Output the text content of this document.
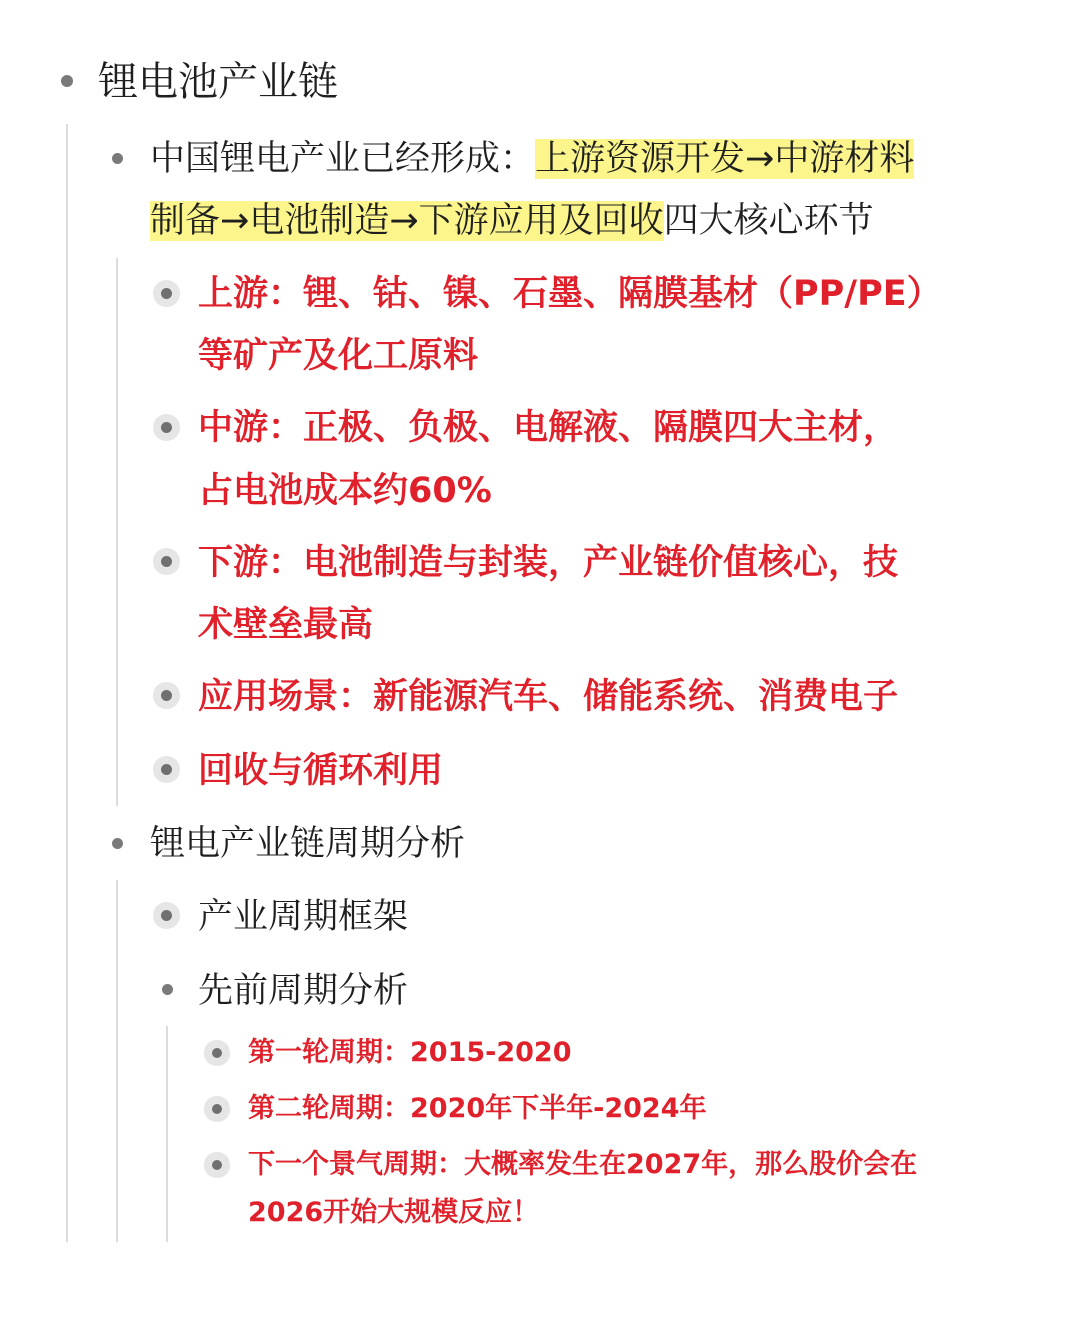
锂电池产业链
中国锂电产业已经形成：上游资源开发→中游材料
制备→电池制造→下游应用及回收四大核心环节
上游：锂、钴、镍、石墨、隔膜基材（PP/PE）
等矿产及化工原料
中游：正极、负极、电解液、隔膜四大主材，
占电池成本约60%
下游：电池制造与封装，产业链价值核心，技
术壁垒最高
应用场景：新能源汽车、储能系统、消费电子
回收与循环利用
锂电产业链周期分析
产业周期框架
先前周期分析
第一轮周期：2015-2020
第二轮周期：2020年下半年-2024年
下一个景气周期：大概率发生在2027年，那么股价会在
2026开始大规模反应！
